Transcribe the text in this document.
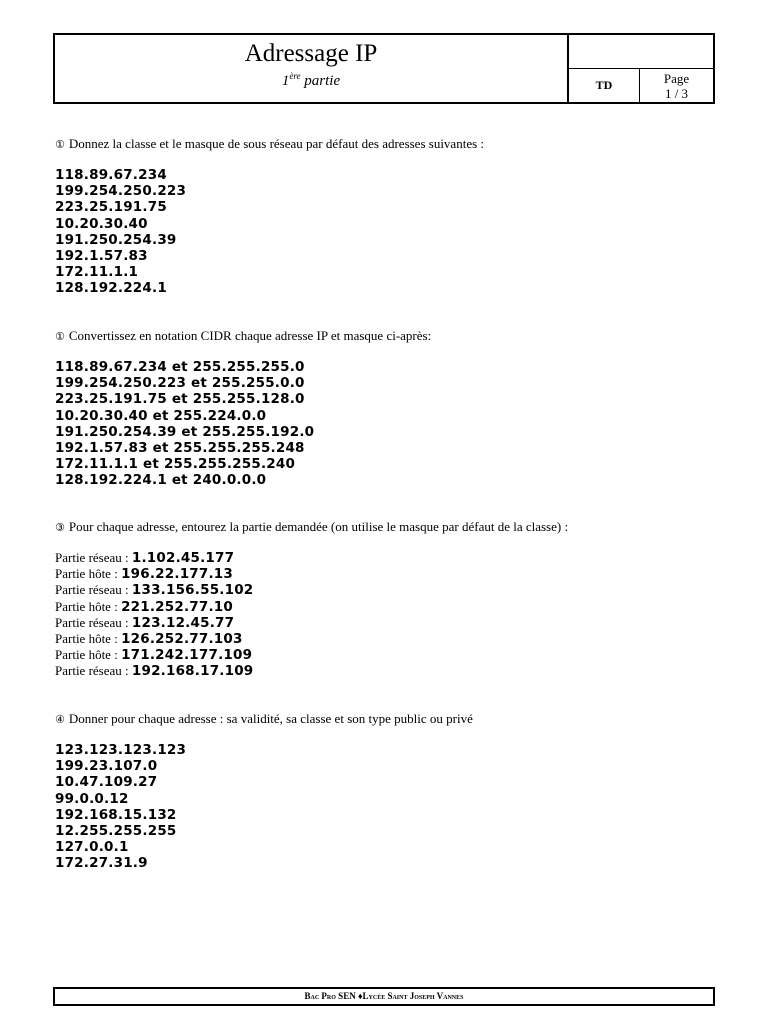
Adressage IP
1ère partie	TD	Page
1 / 3
① Donnez la classe et le masque de sous réseau par défaut des adresses suivantes :
118.89.67.234
199.254.250.223
223.25.191.75
10.20.30.40
191.250.254.39
192.1.57.83
172.11.1.1
128.192.224.1
① Convertissez en notation CIDR chaque adresse IP et masque ci-après:
118.89.67.234 et 255.255.255.0
199.254.250.223 et 255.255.0.0
223.25.191.75 et 255.255.128.0
10.20.30.40 et 255.224.0.0
191.250.254.39 et 255.255.192.0
192.1.57.83 et 255.255.255.248
172.11.1.1 et 255.255.255.240
128.192.224.1 et 240.0.0.0
③ Pour chaque adresse, entourez la partie demandée (on utilise le masque par défaut de la classe) :
Partie réseau : 1.102.45.177
Partie hôte : 196.22.177.13
Partie réseau : 133.156.55.102
Partie hôte : 221.252.77.10
Partie réseau : 123.12.45.77
Partie hôte : 126.252.77.103
Partie hôte : 171.242.177.109
Partie réseau : 192.168.17.109
④ Donner pour chaque adresse : sa validité, sa classe et son type public ou privé
123.123.123.123
199.23.107.0
10.47.109.27
99.0.0.12
192.168.15.132
12.255.255.255
127.0.0.1
172.27.31.9
Bac Pro SEN ♦Lycée Saint Joseph Vannes
